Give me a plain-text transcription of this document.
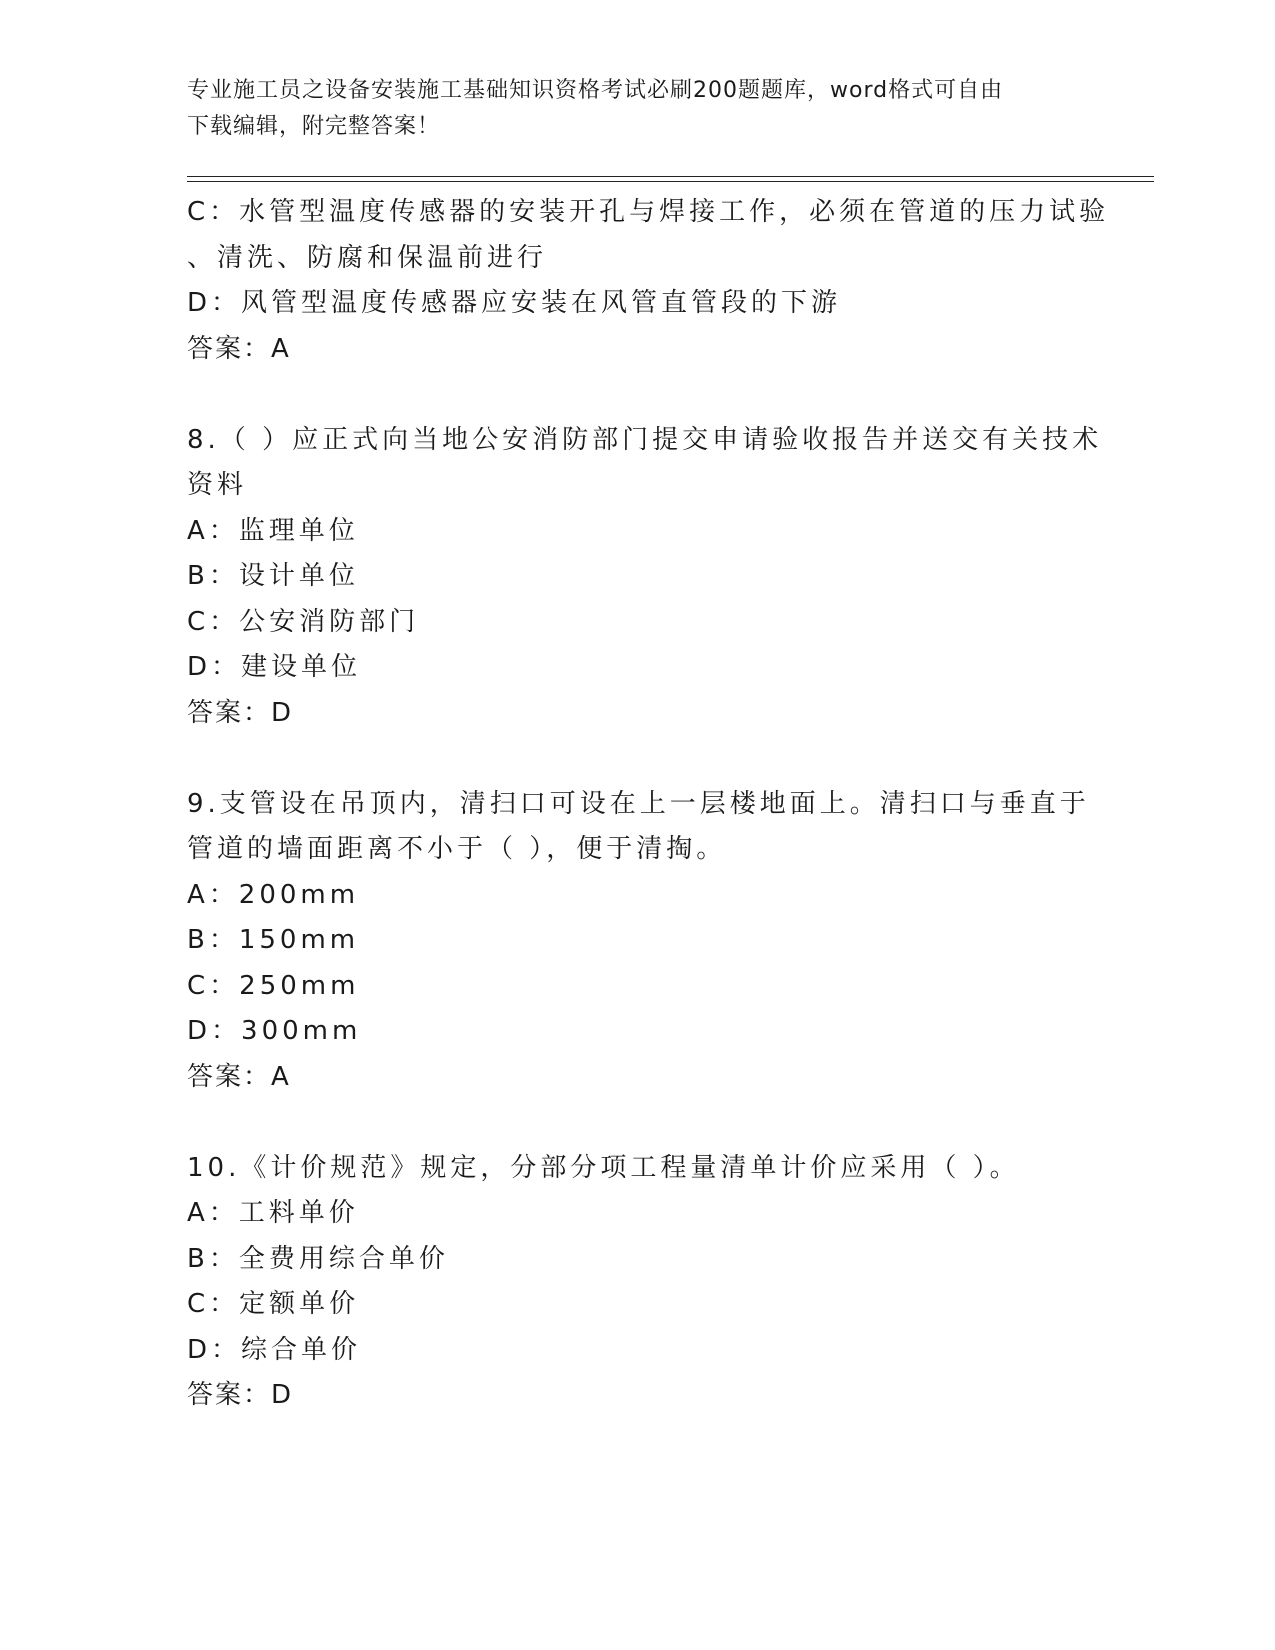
专业施工员之设备安装施工基础知识资格考试必刷200题题库，word格式可自由
下载编辑，附完整答案！
C：水管型温度传感器的安装开孔与焊接工作，必须在管道的压力试验
、清洗、防腐和保温前进行
D：风管型温度传感器应安装在风管直管段的下游
答案：A
8.（ ）应正式向当地公安消防部门提交申请验收报告并送交有关技术
资料
A：监理单位
B：设计单位
C：公安消防部门
D：建设单位
答案：D
9.支管设在吊顶内，清扫口可设在上一层楼地面上。清扫口与垂直于
管道的墙面距离不小于（ ），便于清掏。
A：200mm
B：150mm
C：250mm
D：300mm
答案：A
10.《计价规范》规定，分部分项工程量清单计价应采用（ ）。
A：工料单价
B：全费用综合单价
C：定额单价
D：综合单价
答案：D
